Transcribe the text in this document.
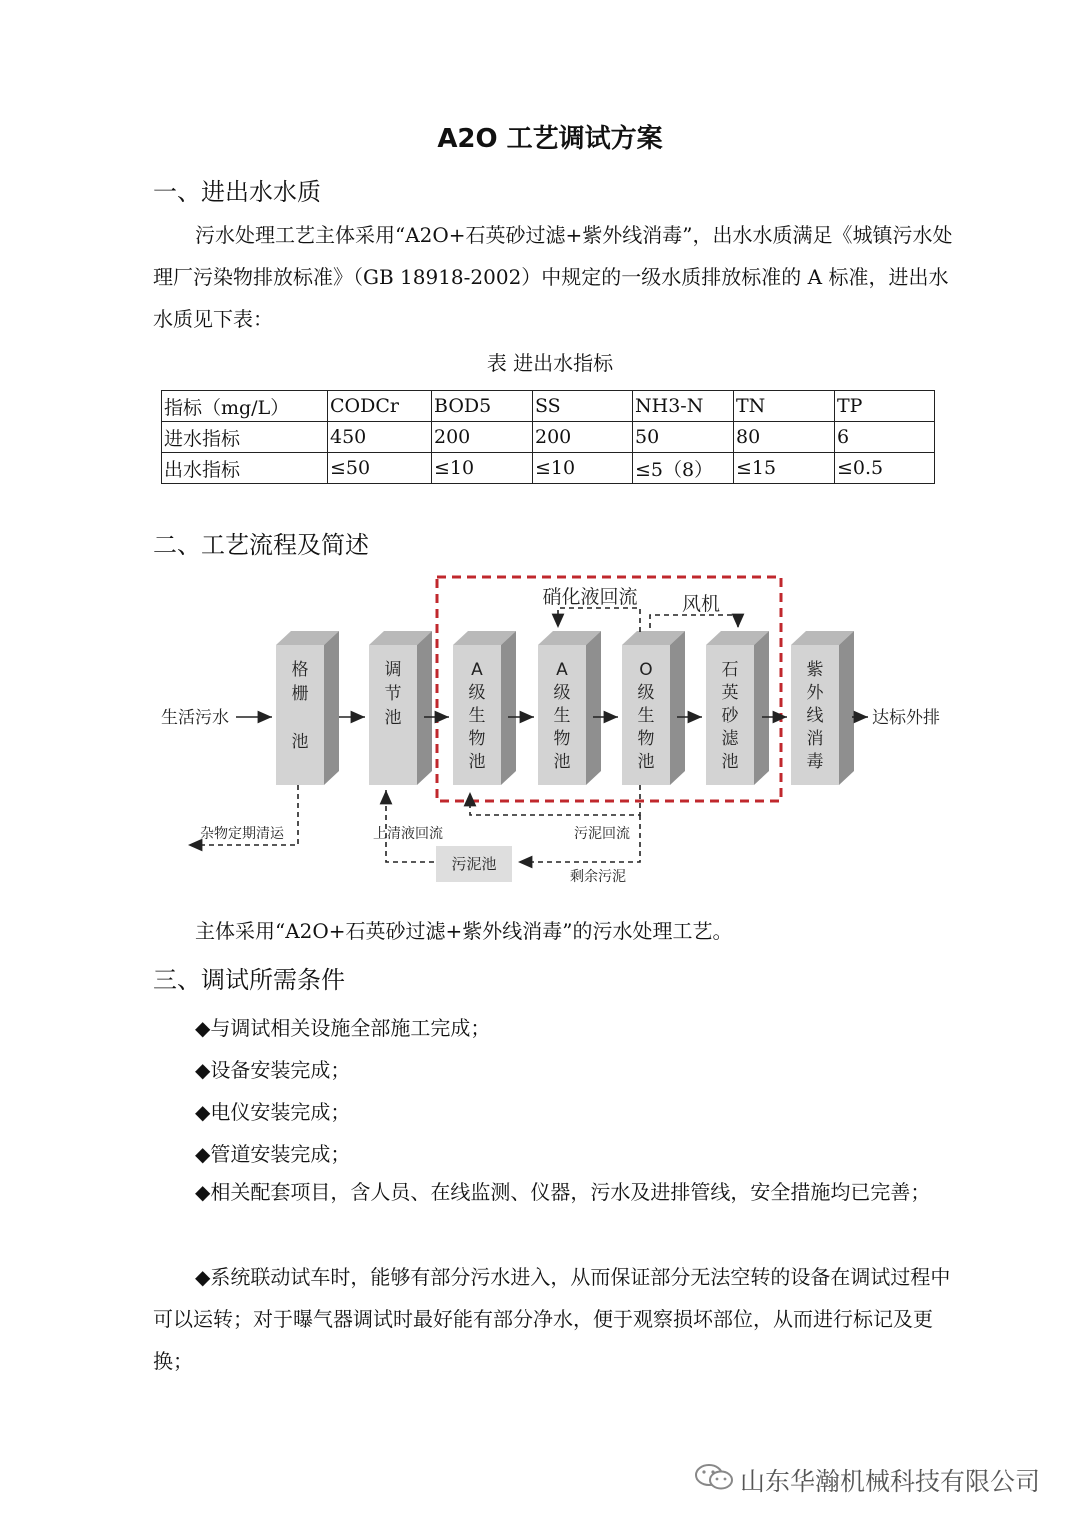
A2O 工艺调试方案
一、进出水水质
污水处理工艺主体采用“A2O+石英砂过滤+紫外线消毒”，出水水质满足《城镇污水处理厂污染物排放标准》（GB 18918-2002）中规定的一级水质排放标准的 A 标准，进出水水质见下表：
表 进出水指标
指标（mg/L）	CODCr	BOD5	SS	NH3-N	TN	TP
进水指标	450	200	200	50	80	6
出水指标	≤50	≤10	≤10	≤5（8）	≤15	≤0.5
二、工艺流程及简述
格
栅
池
调
节
池
A
级
生
物
池
A
级
生
物
池
O
级
生
物
池
石
英
砂
滤
池
紫
外
线
消
毒
生活污水	达标外排
硝化液回流 风机
杂物定期清运	污泥回流
剩余污泥
污泥池
上清液回流
主体采用“A2O+石英砂过滤+紫外线消毒”的污水处理工艺。
三、调试所需条件
◆与调试相关设施全部施工完成；
◆设备安装完成；
◆电仪安装完成；
◆管道安装完成；
◆相关配套项目，含人员、在线监测、仪器，污水及进排管线，安全措施均已完善；
◆系统联动试车时，能够有部分污水进入，从而保证部分无法空转的设备在调试过程中可以运转；对于曝气器调试时最好能有部分净水，便于观察损坏部位，从而进行标记及更换；
山东华瀚机械科技有限公司
